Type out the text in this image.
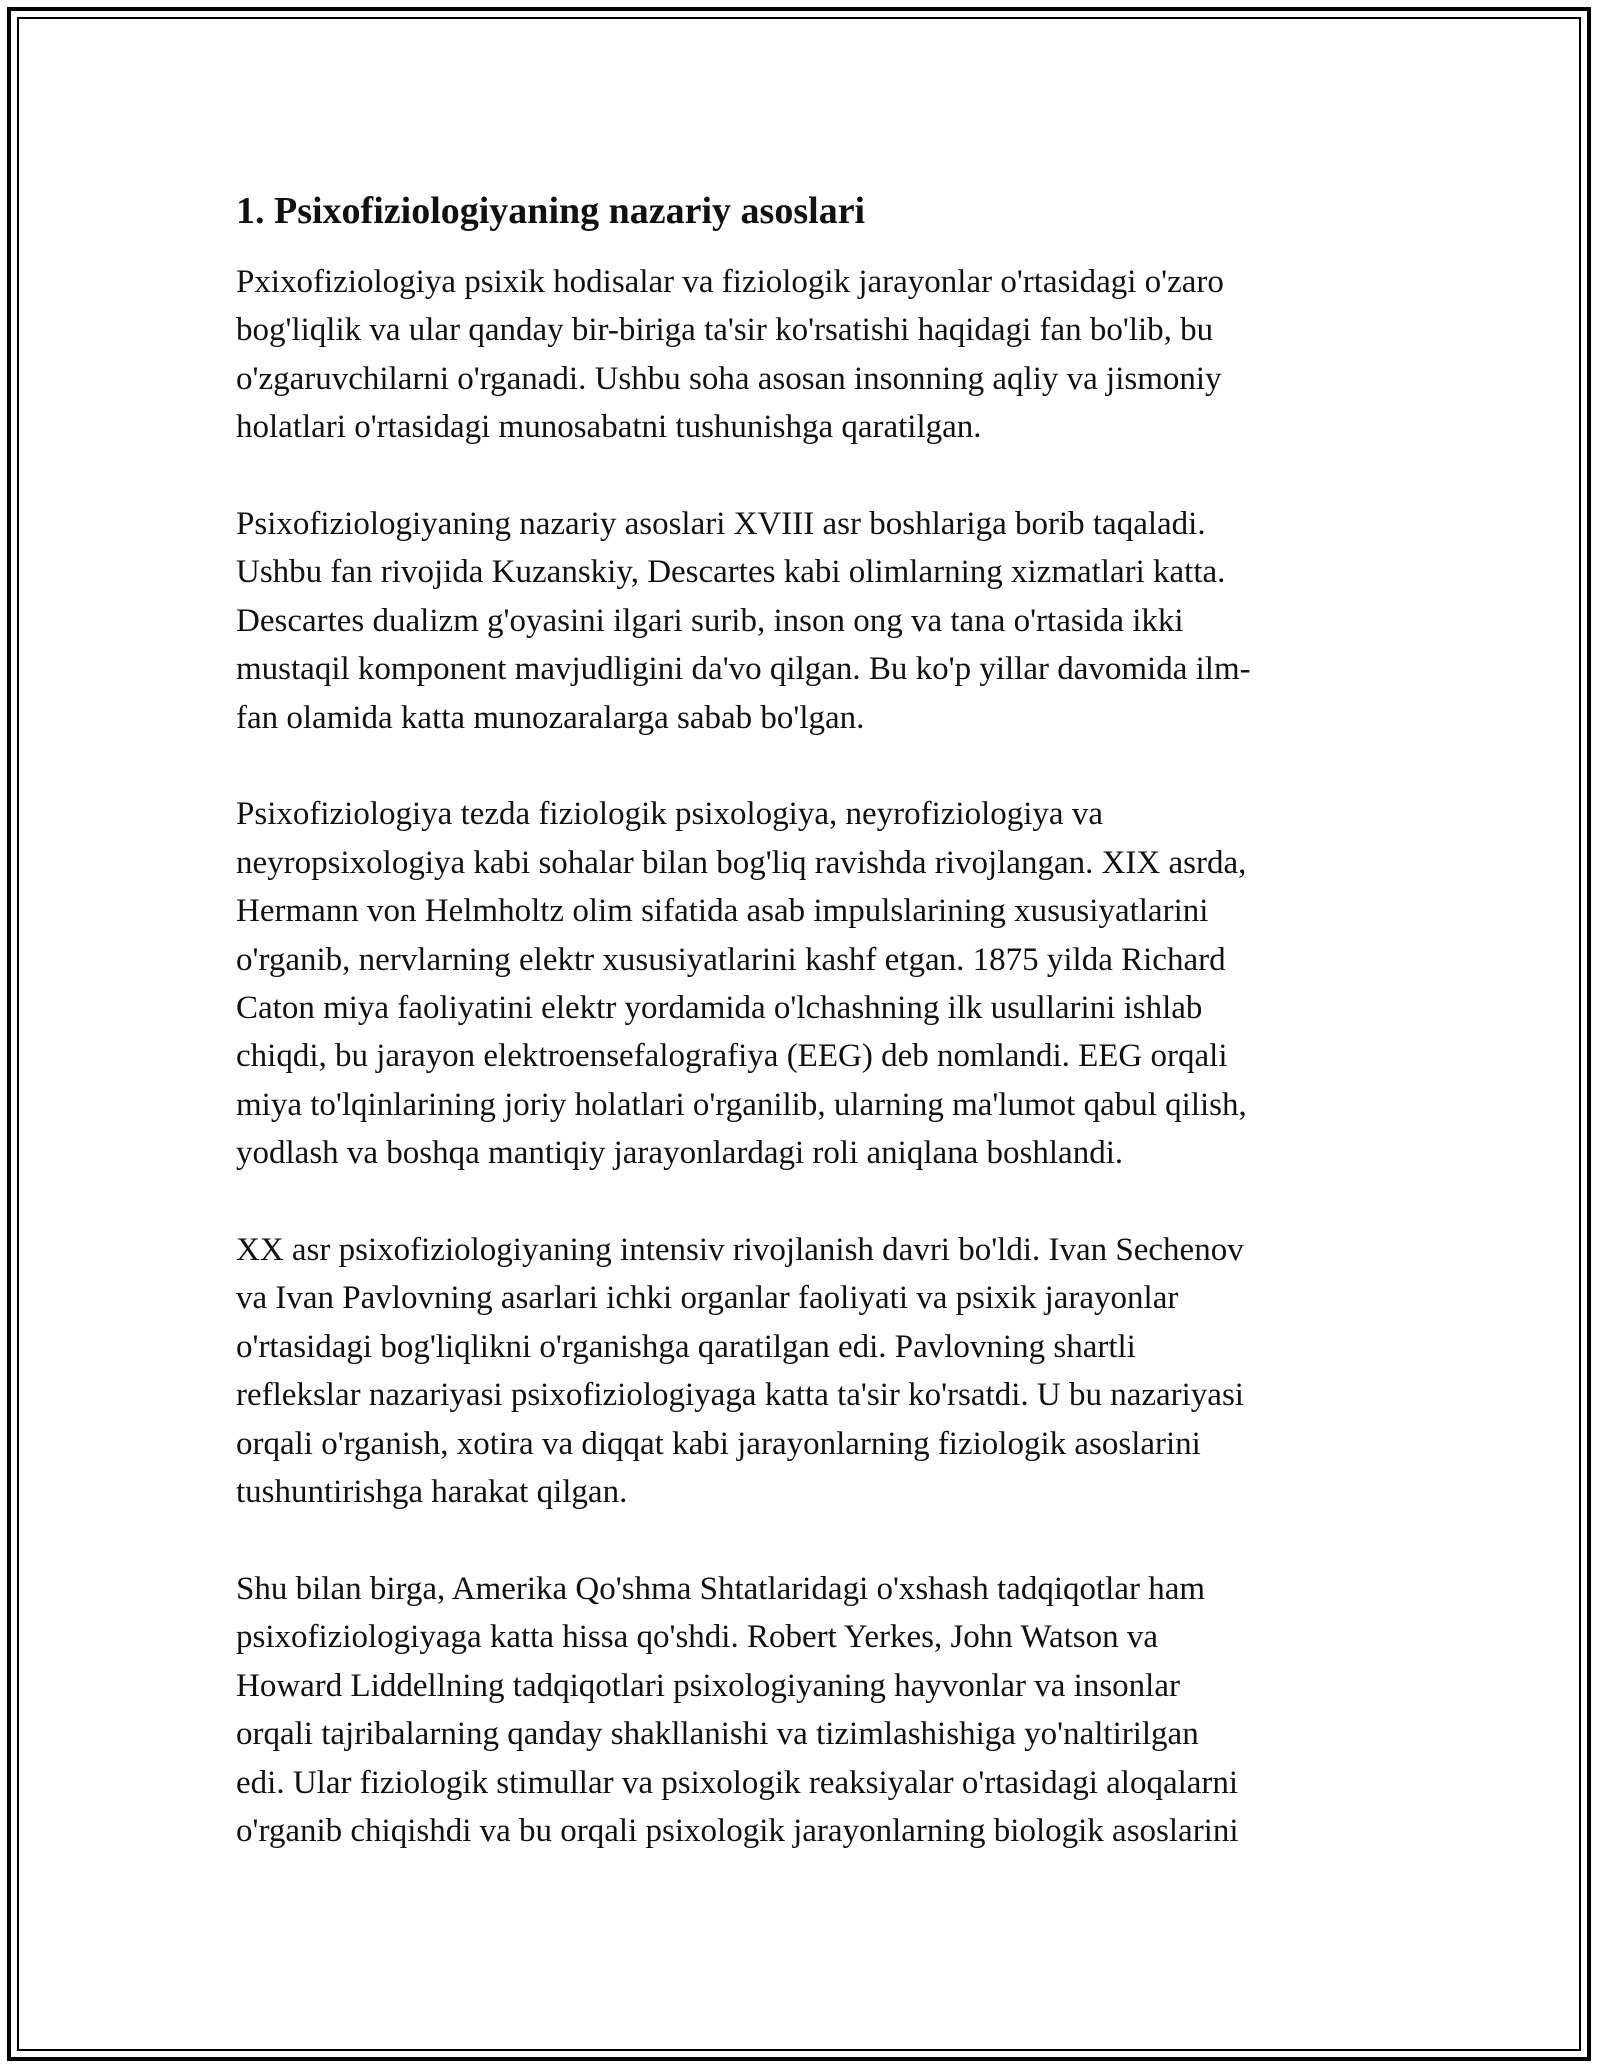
1. Psixofiziologiyaning nazariy asoslari
Pxixofiziologiya psixik hodisalar va fiziologik jarayonlar o'rtasidagi o'zaro
bog'liqlik va ular qanday bir-biriga ta'sir ko'rsatishi haqidagi fan bo'lib, bu
o'zgaruvchilarni o'rganadi. Ushbu soha asosan insonning aqliy va jismoniy
holatlari o'rtasidagi munosabatni tushunishga qaratilgan.
Psixofiziologiyaning nazariy asoslari XVIII asr boshlariga borib taqaladi.
Ushbu fan rivojida Kuzanskiy, Descartes kabi olimlarning xizmatlari katta.
Descartes dualizm g'oyasini ilgari surib, inson ong va tana o'rtasida ikki
mustaqil komponent mavjudligini da'vo qilgan. Bu ko'p yillar davomida ilm-
fan olamida katta munozaralarga sabab bo'lgan.
Psixofiziologiya tezda fiziologik psixologiya, neyrofiziologiya va
neyropsixologiya kabi sohalar bilan bog'liq ravishda rivojlangan. XIX asrda,
Hermann von Helmholtz olim sifatida asab impulslarining xususiyatlarini
o'rganib, nervlarning elektr xususiyatlarini kashf etgan. 1875 yilda Richard
Caton miya faoliyatini elektr yordamida o'lchashning ilk usullarini ishlab
chiqdi, bu jarayon elektroensefalografiya (EEG) deb nomlandi. EEG orqali
miya to'lqinlarining joriy holatlari o'rganilib, ularning ma'lumot qabul qilish,
yodlash va boshqa mantiqiy jarayonlardagi roli aniqlana boshlandi.
XX asr psixofiziologiyaning intensiv rivojlanish davri bo'ldi. Ivan Sechenov
va Ivan Pavlovning asarlari ichki organlar faoliyati va psixik jarayonlar
o'rtasidagi bog'liqlikni o'rganishga qaratilgan edi. Pavlovning shartli
reflekslar nazariyasi psixofiziologiyaga katta ta'sir ko'rsatdi. U bu nazariyasi
orqali o'rganish, xotira va diqqat kabi jarayonlarning fiziologik asoslarini
tushuntirishga harakat qilgan.
Shu bilan birga, Amerika Qo'shma Shtatlaridagi o'xshash tadqiqotlar ham
psixofiziologiyaga katta hissa qo'shdi. Robert Yerkes, John Watson va
Howard Liddellning tadqiqotlari psixologiyaning hayvonlar va insonlar
orqali tajribalarning qanday shakllanishi va tizimlashishiga yo'naltirilgan
edi. Ular fiziologik stimullar va psixologik reaksiyalar o'rtasidagi aloqalarni
o'rganib chiqishdi va bu orqali psixologik jarayonlarning biologik asoslarini
